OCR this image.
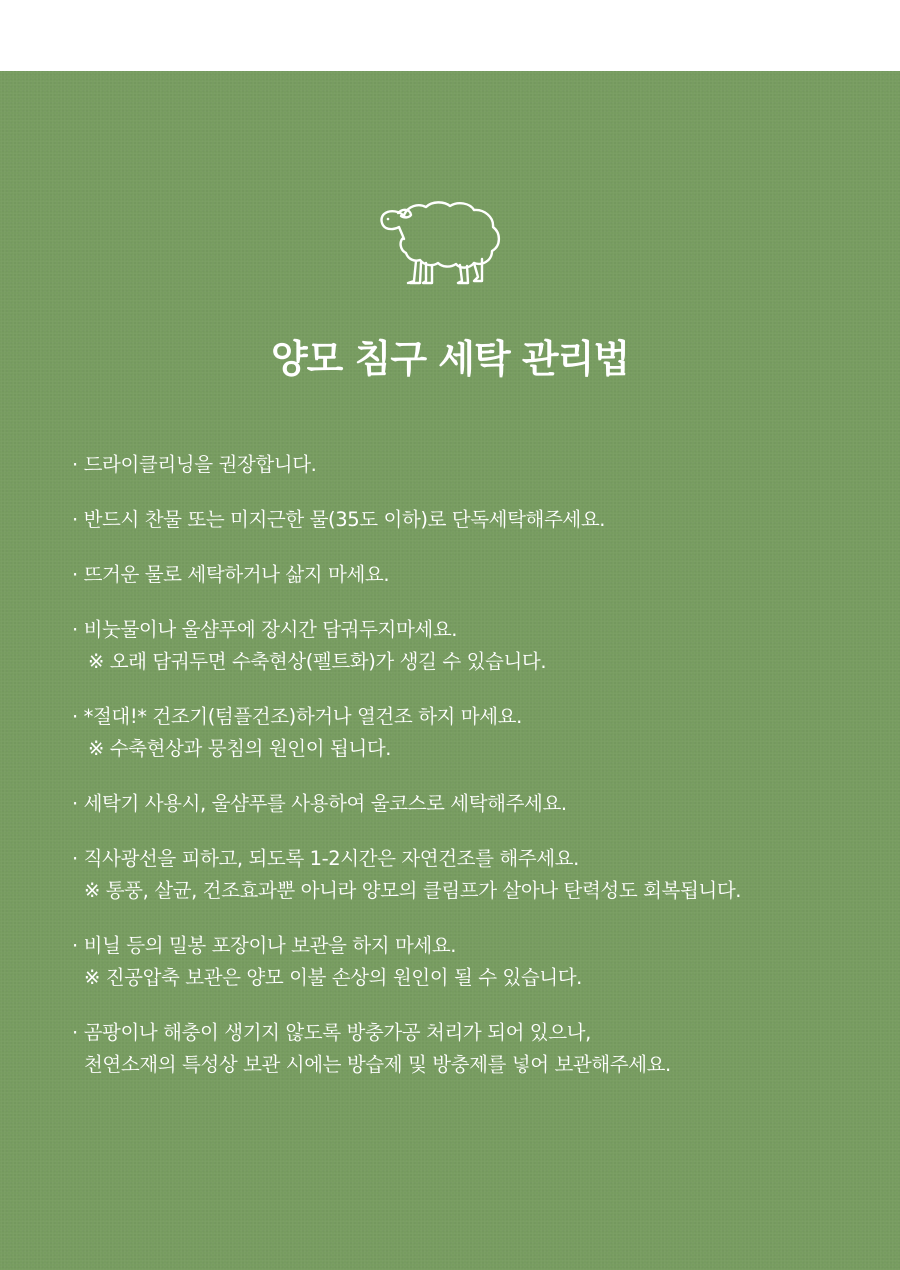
양모 침구 세탁 관리법
· 드라이클리닝을 권장합니다.
· 반드시 찬물 또는 미지근한 물(35도 이하)로 단독세탁해주세요.
· 뜨거운 물로 세탁하거나 삶지 마세요.
· 비눗물이나 울샴푸에 장시간 담궈두지마세요.
※ 오래 담궈두면 수축현상(펠트화)가 생길 수 있습니다.
· *절대!* 건조기(텀플건조)하거나 열건조 하지 마세요.
※ 수축현상과 뭉침의 원인이 됩니다.
· 세탁기 사용시, 울샴푸를 사용하여 울코스로 세탁해주세요.
· 직사광선을 피하고, 되도록 1-2시간은 자연건조를 해주세요.
※ 통풍, 살균, 건조효과뿐 아니라 양모의 클림프가 살아나 탄력성도 회복됩니다.
· 비닐 등의 밀봉 포장이나 보관을 하지 마세요.
※ 진공압축 보관은 양모 이불 손상의 원인이 될 수 있습니다.
· 곰팡이나 해충이 생기지 않도록 방충가공 처리가 되어 있으나,
천연소재의 특성상 보관 시에는 방습제 및 방충제를 넣어 보관해주세요.
